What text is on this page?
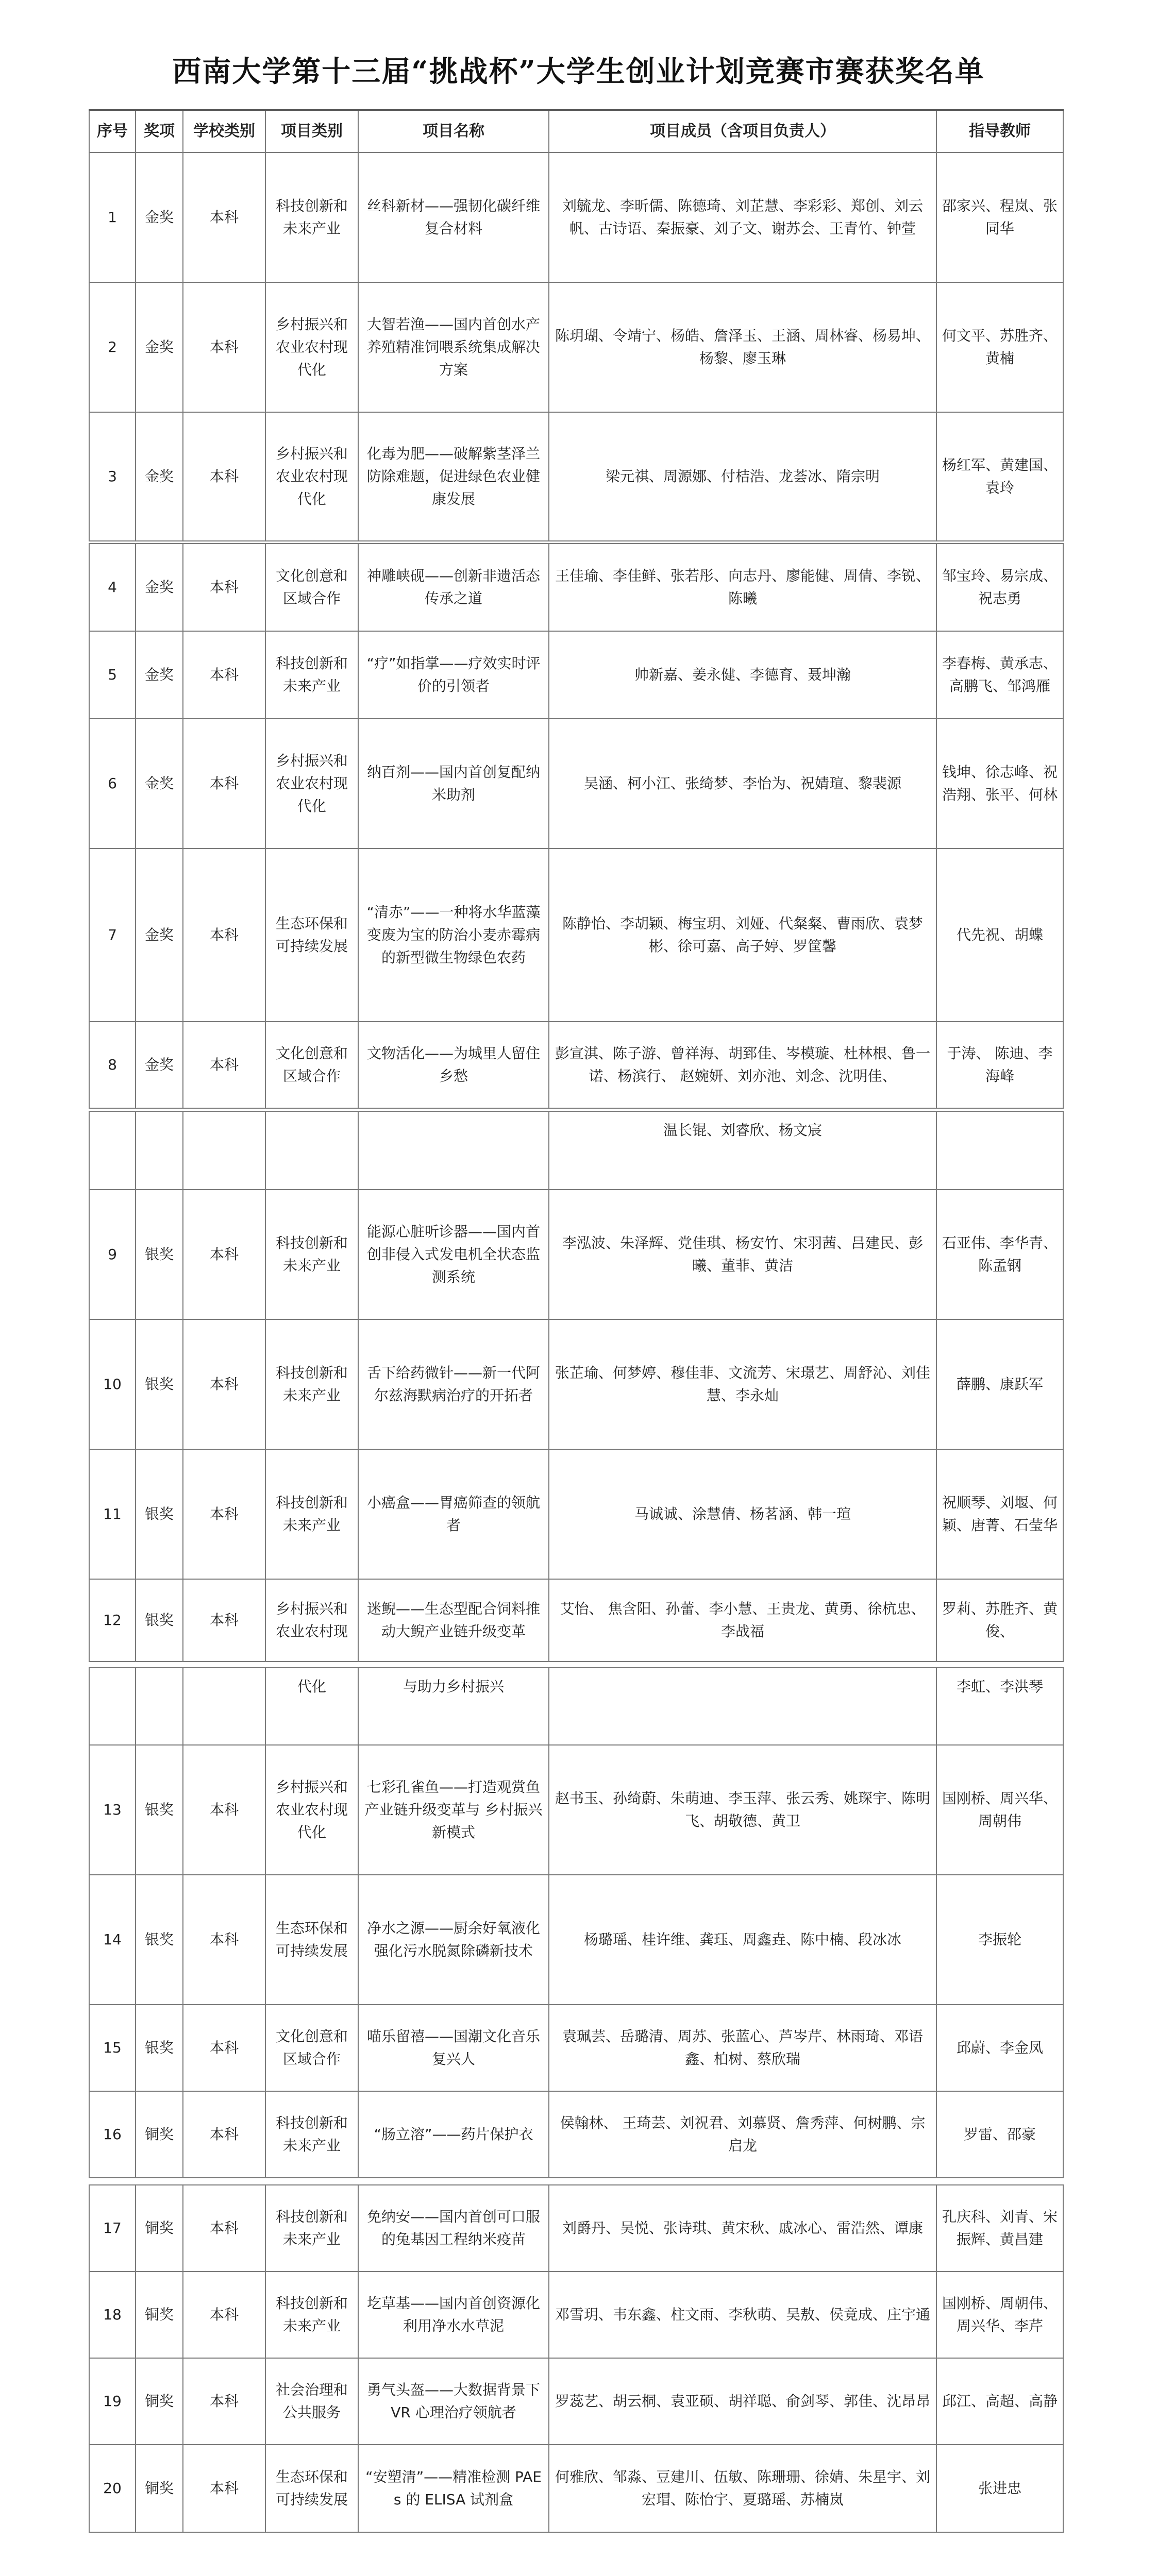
西南大学第十三届“挑战杯”大学生创业计划竞赛市赛获奖名单
序号	奖项	学校类别	项目类别	项目名称	项目成员（含项目负责人）	指导教师
1	金奖	本科	科技创新和未来产业	丝科新材——强韧化碳纤维复合材料	刘毓龙、李昕儒、陈德琦、刘芷慧、李彩彩、郑创、刘云帆、古诗语、秦振豪、刘子文、谢苏会、王青竹、钟萱	邵家兴、程岚、张同华
2	金奖	本科	乡村振兴和农业农村现代化	大智若渔——国内首创水产养殖精准饲喂系统集成解决方案	陈玥瑚、令靖宁、杨皓、詹泽玉、王涵、周林睿、杨易坤、杨黎、廖玉琳	何文平、苏胜齐、黄楠
3	金奖	本科	乡村振兴和农业农村现代化	化毒为肥——破解紫茎泽兰防除难题，促进绿色农业健康发展	梁元祺、周源娜、付桔浩、龙荟冰、隋宗明	杨红军、黄建国、袁玲
4	金奖	本科	文化创意和区域合作	神雕峡砚——创新非遗活态传承之道	王佳瑜、李佳鲜、张若彤、向志丹、廖能健、周倩、李锐、陈曦	邹宝玲、易宗成、祝志勇
5	金奖	本科	科技创新和未来产业	“疗”如指掌——疗效实时评价的引领者	帅新嘉、姜永健、李德育、聂坤瀚	李春梅、黄承志、高鹏飞、邹鸿雁
6	金奖	本科	乡村振兴和农业农村现代化	纳百剂——国内首创复配纳米助剂	吴涵、柯小江、张绮梦、李怡为、祝婧瑄、黎裴源	钱坤、徐志峰、祝浩翔、张平、何林
7	金奖	本科	生态环保和可持续发展	“清赤”——一种将水华蓝藻变废为宝的防治小麦赤霉病的新型微生物绿色农药	陈静怡、李胡颖、梅宝玥、刘娅、代粲粲、曹雨欣、袁梦彬、徐可嘉、高子婷、罗筐馨	代先祝、胡蝶
8	金奖	本科	文化创意和区域合作	文物活化——为城里人留住乡愁	彭宣淇、陈子游、曾祥海、胡郅佳、岑模璇、杜林根、鲁一诺、杨滨行、 赵婉妍、刘亦池、刘念、沈明佳、	于涛、 陈迪、李海峰
					温长锟、刘睿欣、杨文宸	
9	银奖	本科	科技创新和未来产业	能源心脏听诊器——国内首创非侵入式发电机全状态监测系统	李泓波、朱泽辉、党佳琪、杨安竹、宋羽茜、吕建民、彭曦、董菲、黄洁	石亚伟、李华青、陈孟钢
10	银奖	本科	科技创新和未来产业	舌下给药微针——新一代阿尔兹海默病治疗的开拓者	张芷瑜、何梦婷、穆佳菲、文流芳、宋璟艺、周舒沁、刘佳慧、李永灿	薛鹏、康跃军
11	银奖	本科	科技创新和未来产业	小癌盒——胃癌筛查的领航者	马诚诚、涂慧倩、杨茗涵、韩一瑄	祝顺琴、刘堰、何颖、唐菁、石莹华
12	银奖	本科	乡村振兴和农业农村现	迷鲵——生态型配合饲料推动大鲵产业链升级变革	艾怡、 焦含阳、孙蕾、李小慧、王贵龙、黄勇、徐杭忠、李战福	罗莉、苏胜齐、黄俊、
			代化	与助力乡村振兴		李虹、李洪琴
13	银奖	本科	乡村振兴和农业农村现代化	七彩孔雀鱼——打造观赏鱼产业链升级变革与 乡村振兴新模式	赵书玉、孙绮蔚、朱萌迪、李玉萍、张云秀、姚琛宇、陈明飞、胡敬德、黄卫	国刚桥、周兴华、周朝伟
14	银奖	本科	生态环保和可持续发展	净水之源——厨余好氧液化强化污水脱氮除磷新技术	杨璐瑶、桂许维、龚珏、周鑫垚、陈中楠、段冰冰	李振轮
15	银奖	本科	文化创意和区域合作	喵乐留禧——国潮文化音乐复兴人	袁珮芸、岳璐清、周苏、张蓝心、芦岑芹、林雨琦、邓语鑫、柏树、蔡欣瑞	邱蔚、李金凤
16	铜奖	本科	科技创新和未来产业	“肠立溶”——药片保护衣	侯翰林、 王琦芸、刘祝君、刘慕贤、詹秀萍、何树鹏、宗启龙	罗雷、邵豪
17	铜奖	本科	科技创新和未来产业	免纳安——国内首创可口服的兔基因工程纳米疫苗	刘爵丹、吴悦、张诗琪、黄宋秋、戚冰心、雷浩然、谭康	孔庆科、刘青、宋振辉、黄昌建
18	铜奖	本科	科技创新和未来产业	圪草基——国内首创资源化利用净水水草泥	邓雪玥、韦东鑫、柱文雨、李秋萌、吴敖、侯竟成、庄宇通	国刚桥、周朝伟、周兴华、李芹
19	铜奖	本科	社会治理和公共服务	勇气头盔——大数据背景下 VR 心理治疗领航者	罗蕊艺、胡云桐、袁亚硕、胡祥聪、俞剑琴、郭佳、沈昂昂	邱江、高超、高静
20	铜奖	本科	生态环保和可持续发展	“安塑清”——精准检测 PAEs 的 ELISA 试剂盒	何雅欣、邹淼、豆建川、伍敏、陈珊珊、徐婧、朱星宇、刘宏瑁、陈怡宇、夏璐瑶、苏楠岚	张进忠
